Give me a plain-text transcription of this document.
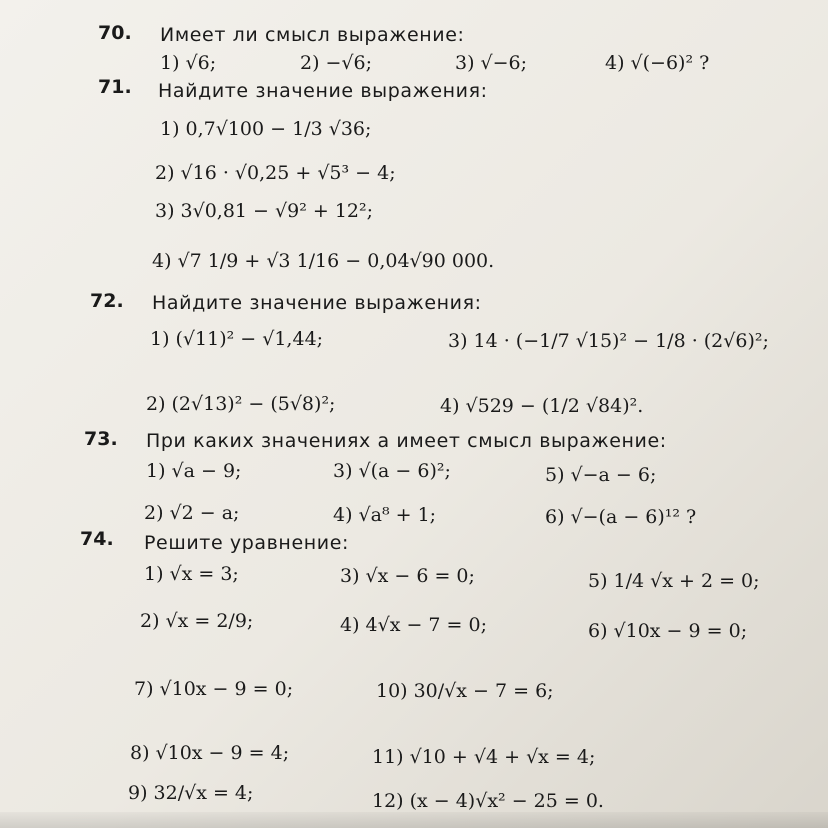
70. Имеет ли смысл выражение:
1) √6;	2) −√6;	3) √−6;	4) √(−6)² ?
71. Найдите значение выражения:
1) 0,7√100 − 1/3 √36;
2) √16 · √0,25 + √5³ − 4;
3) 3√0,81 − √9² + 12²;
4) √7 1/9 + √3 1/16 − 0,04√90 000.
72. Найдите значение выражения:
1) (√11)² − √1,44;	3) 14 · (−1/7 √15)² − 1/8 · (2√6)²;
2) (2√13)² − (5√8)²;	4) √529 − (1/2 √84)².
73. При каких значениях a имеет смысл выражение:
1) √a − 9;	3) √(a − 6)²;	5) √−a − 6;
2) √2 − a;	4) √a⁸ + 1;	6) √−(a − 6)¹² ?
74. Решите уравнение:
1) √x = 3;	3) √x − 6 = 0;	5) 1/4 √x + 2 = 0;
2) √x = 2/9;	4) 4√x − 7 = 0;	6) √10x − 9 = 0;
7) √10x − 9 = 0;	10) 30/√x − 7 = 6;
8) √10x − 9 = 4;	11) √10 + √4 + √x = 4;
9) 32/√x = 4;	12) (x − 4)√x² − 25 = 0.
